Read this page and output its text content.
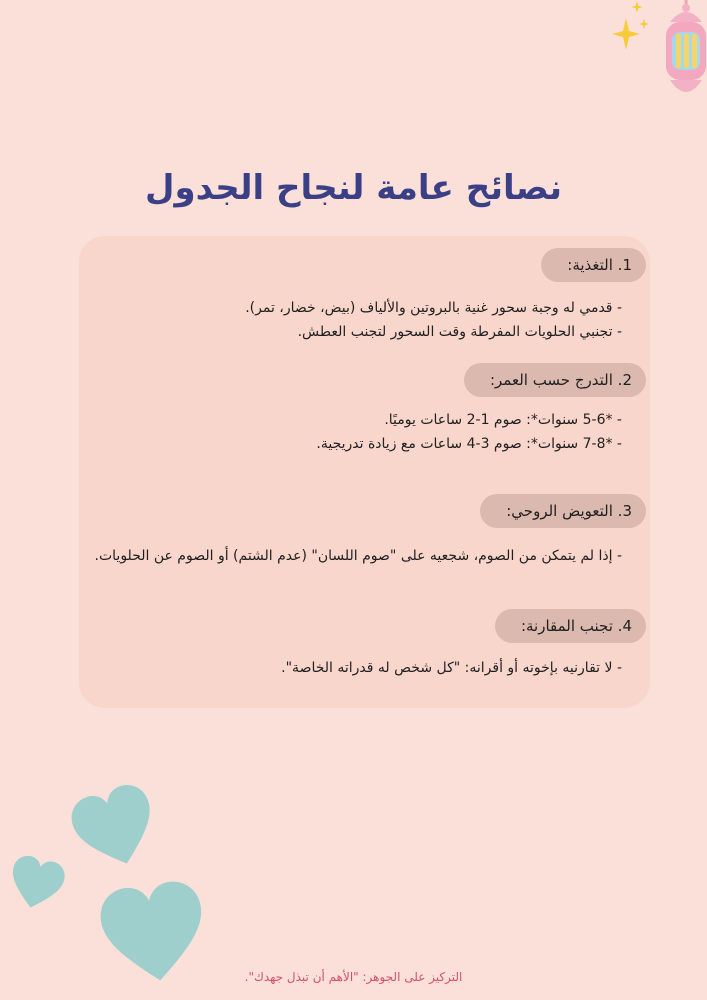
نصائح عامة لنجاح الجدول
1. التغذية:
- قدمي له وجبة سحور غنية بالبروتين والألياف (بيض، خضار، تمر).
- تجنبي الحلويات المفرطة وقت السحور لتجنب العطش.
2. التدرج حسب العمر:
- *5-6 سنوات*: صوم 1-2 ساعات يوميًا.
- *7-8 سنوات*: صوم 3-4 ساعات مع زيادة تدريجية.
3. التعويض الروحي:
- إذا لم يتمكن من الصوم، شجعيه على "صوم اللسان" (عدم الشتم) أو الصوم عن الحلويات.
4. تجنب المقارنة:
- لا تقارنيه بإخوته أو أقرانه: "كل شخص له قدراته الخاصة".
التركيز على الجوهر: "الأهم أن تبذل جهدك".
